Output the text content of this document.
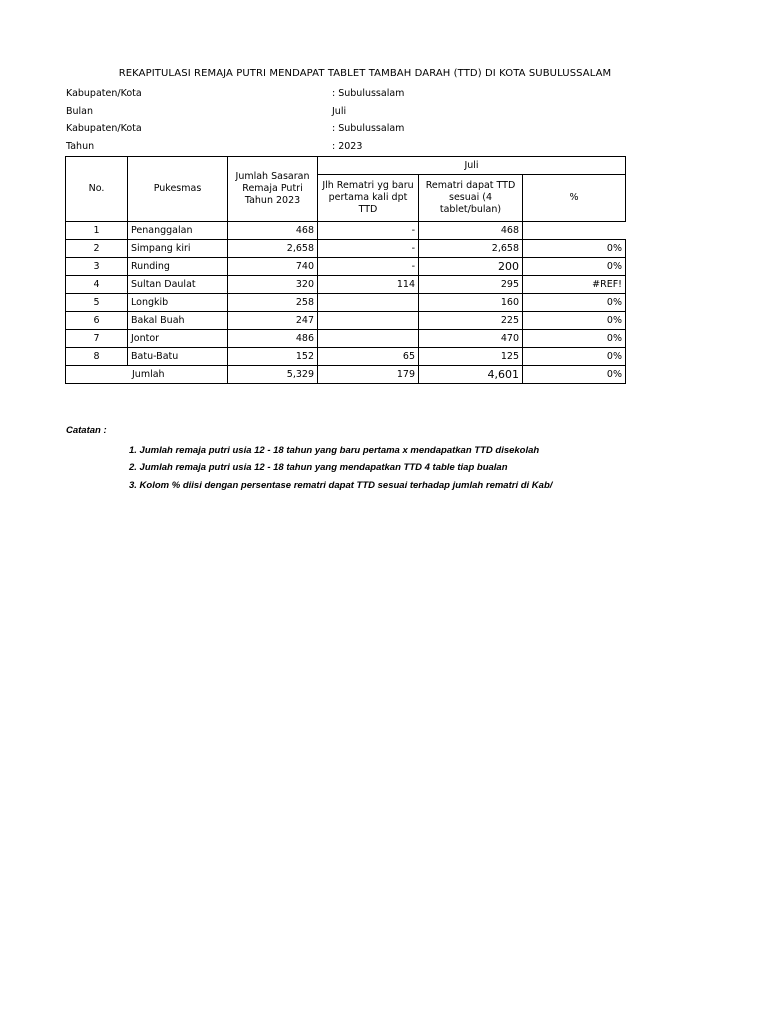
REKAPITULASI REMAJA PUTRI MENDAPAT TABLET TAMBAH DARAH (TTD) DI KOTA SUBULUSSALAM
Kabupaten/Kota	: Subulussalam
Bulan	Juli
Kabupaten/Kota	: Subulussalam
Tahun	: 2023
No.	Pukesmas	Jumlah Sasaran Remaja Putri Tahun 2023	Juli		
			Jlh Rematri yg baru pertama kali dpt TTD	Rematri dapat TTD sesuai (4 tablet/bulan)	%
1	Penanggalan	468	-	468	
2	Simpang kiri	2,658	-	2,658	0%
3	Runding	740	-	200	0%
4	Sultan Daulat	320	114	295	#REF!
5	Longkib	258		160	0%
6	Bakal Buah	247		225	0%
7	Jontor	486		470	0%
8	Batu-Batu	152	65	125	0%
Jumlah		5,329	179	4,601	0%
Catatan :
1. Jumlah remaja putri usia 12 - 18 tahun yang baru pertama x mendapatkan TTD disekolah
2. Jumlah remaja putri usia 12 - 18 tahun yang mendapatkan TTD 4 table tiap bualan
3. Kolom % diisi dengan persentase rematri dapat TTD sesuai terhadap jumlah rematri di Kab/
